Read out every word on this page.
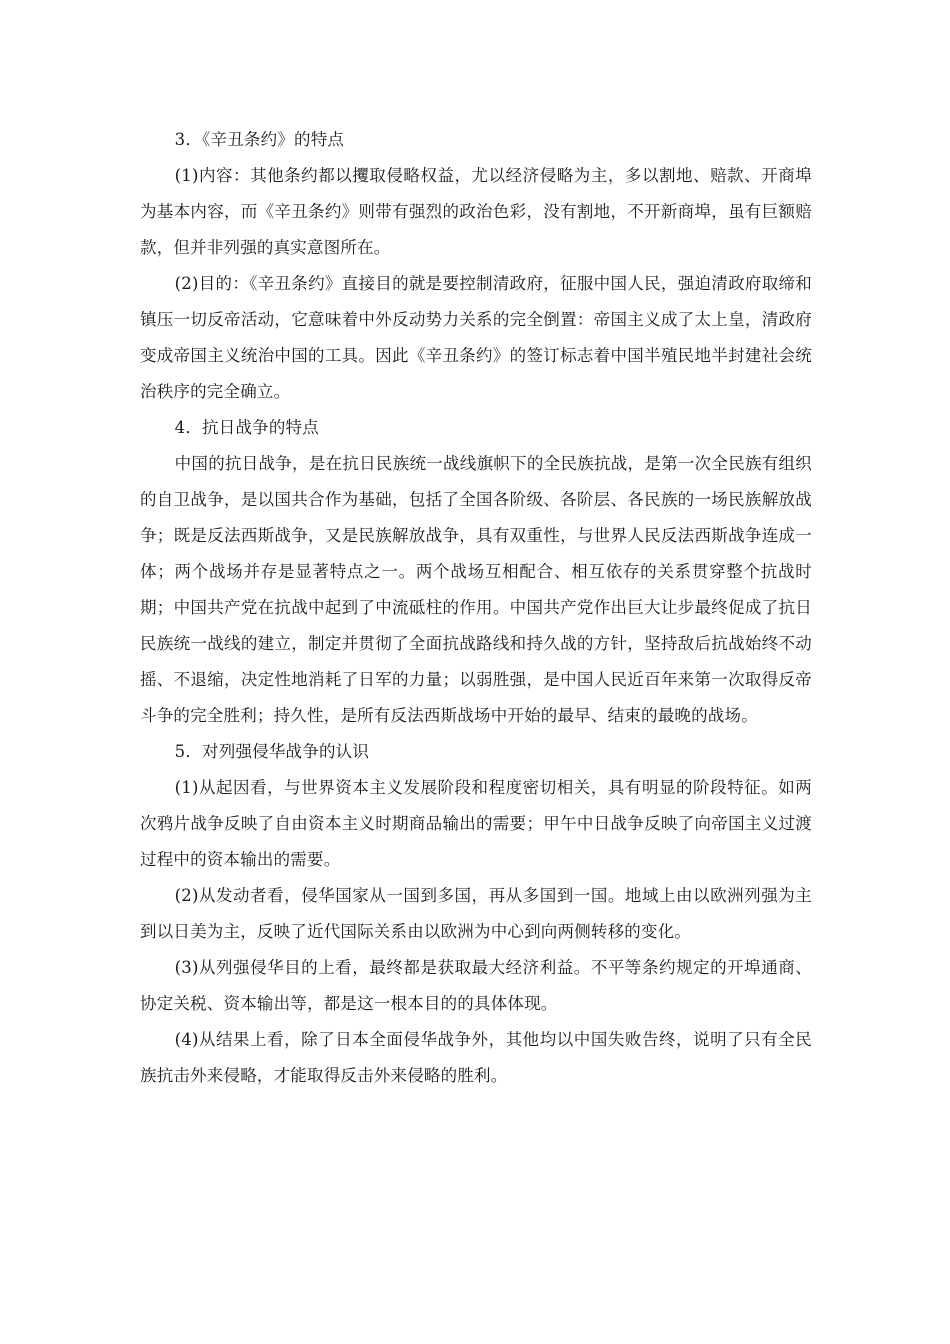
3．《辛丑条约》的特点

(1)内容：其他条约都以攫取侵略权益，尤以经济侵略为主，多以割地、赔款、开商埠为基本内容，而《辛丑条约》则带有强烈的政治色彩，没有割地，不开新商埠，虽有巨额赔款，但并非列强的真实意图所在。

(2)目的：《辛丑条约》直接目的就是要控制清政府，征服中国人民，强迫清政府取缔和镇压一切反帝活动，它意味着中外反动势力关系的完全倒置：帝国主义成了太上皇，清政府变成帝国主义统治中国的工具。因此《辛丑条约》的签订标志着中国半殖民地半封建社会统治秩序的完全确立。

4．抗日战争的特点

中国的抗日战争，是在抗日民族统一战线旗帜下的全民族抗战，是第一次全民族有组织的自卫战争，是以国共合作为基础，包括了全国各阶级、各阶层、各民族的一场民族解放战争；既是反法西斯战争，又是民族解放战争，具有双重性，与世界人民反法西斯战争连成一体；两个战场并存是显著特点之一。两个战场互相配合、相互依存的关系贯穿整个抗战时期；中国共产党在抗战中起到了中流砥柱的作用。中国共产党作出巨大让步最终促成了抗日民族统一战线的建立，制定并贯彻了全面抗战路线和持久战的方针，坚持敌后抗战始终不动摇、不退缩，决定性地消耗了日军的力量；以弱胜强，是中国人民近百年来第一次取得反帝斗争的完全胜利；持久性，是所有反法西斯战场中开始的最早、结束的最晚的战场。

5．对列强侵华战争的认识

(1)从起因看，与世界资本主义发展阶段和程度密切相关，具有明显的阶段特征。如两次鸦片战争反映了自由资本主义时期商品输出的需要；甲午中日战争反映了向帝国主义过渡过程中的资本输出的需要。

(2)从发动者看，侵华国家从一国到多国，再从多国到一国。地域上由以欧洲列强为主到以日美为主，反映了近代国际关系由以欧洲为中心到向两侧转移的变化。

(3)从列强侵华目的上看，最终都是获取最大经济利益。不平等条约规定的开埠通商、协定关税、资本输出等，都是这一根本目的的具体体现。

(4)从结果上看，除了日本全面侵华战争外，其他均以中国失败告终，说明了只有全民族抗击外来侵略，才能取得反击外来侵略的胜利。
